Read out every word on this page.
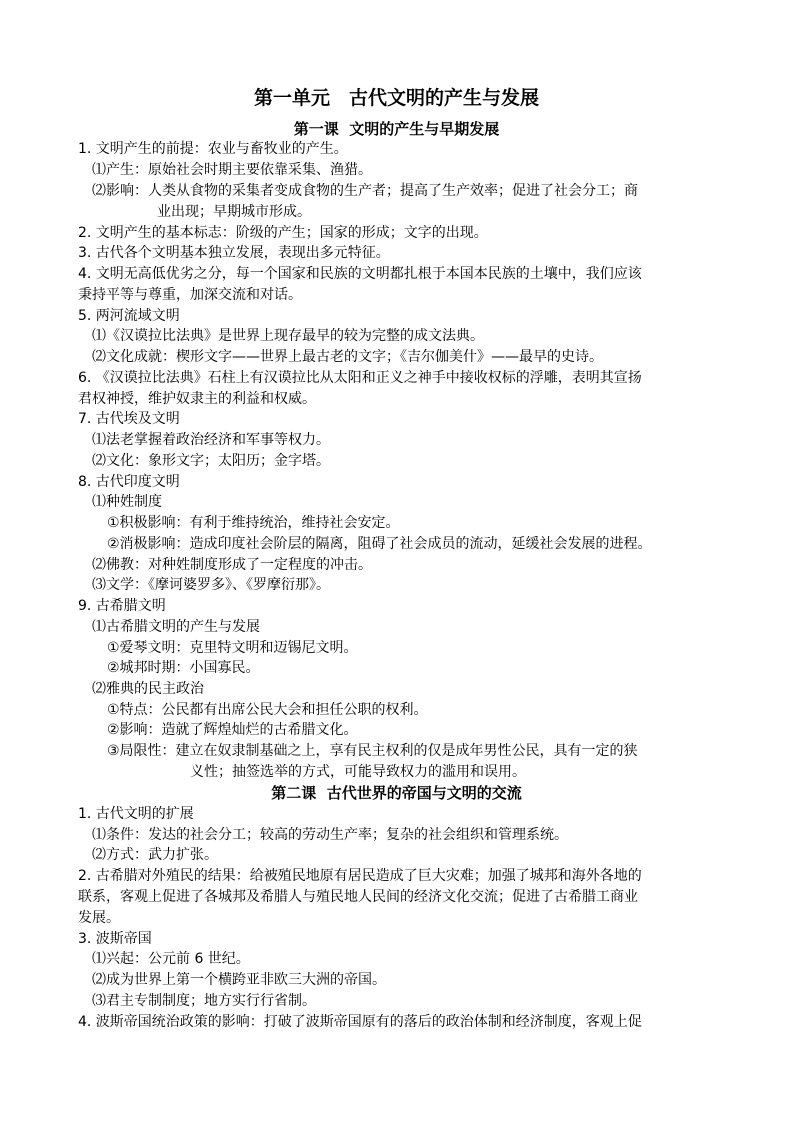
第一单元　古代文明的产生与发展
第一课  文明的产生与早期发展
1. 文明产生的前提：农业与畜牧业的产生。
⑴产生：原始社会时期主要依靠采集、渔猎。
⑵影响：人类从食物的采集者变成食物的生产者；提高了生产效率；促进了社会分工；商
业出现；早期城市形成。
2. 文明产生的基本标志：阶级的产生；国家的形成；文字的出现。
3. 古代各个文明基本独立发展，表现出多元特征。
4. 文明无高低优劣之分，每一个国家和民族的文明都扎根于本国本民族的土壤中，我们应该
秉持平等与尊重，加深交流和对话。
5. 两河流域文明
⑴《汉谟拉比法典》是世界上现存最早的较为完整的成文法典。
⑵文化成就：楔形文字——世界上最古老的文字；《吉尔伽美什》——最早的史诗。
6. 《汉谟拉比法典》石柱上有汉谟拉比从太阳和正义之神手中接收权标的浮雕，表明其宣扬
君权神授，维护奴隶主的利益和权威。
7. 古代埃及文明
⑴法老掌握着政治经济和军事等权力。
⑵文化：象形文字；太阳历；金字塔。
8. 古代印度文明
⑴种姓制度
①积极影响：有利于维持统治，维持社会安定。
②消极影响：造成印度社会阶层的隔离，阻碍了社会成员的流动，延缓社会发展的进程。
⑵佛教：对种姓制度形成了一定程度的冲击。
⑶文学：《摩诃婆罗多》、《罗摩衍那》。
9. 古希腊文明
⑴古希腊文明的产生与发展
①爱琴文明：克里特文明和迈锡尼文明。
②城邦时期：小国寡民。
⑵雅典的民主政治
①特点：公民都有出席公民大会和担任公职的权利。
②影响：造就了辉煌灿烂的古希腊文化。
③局限性：建立在奴隶制基础之上，享有民主权利的仅是成年男性公民，具有一定的狭
义性；抽签选举的方式，可能导致权力的滥用和误用。
第二课  古代世界的帝国与文明的交流
1. 古代文明的扩展
⑴条件：发达的社会分工；较高的劳动生产率；复杂的社会组织和管理系统。
⑵方式：武力扩张。
2. 古希腊对外殖民的结果：给被殖民地原有居民造成了巨大灾难；加强了城邦和海外各地的
联系，客观上促进了各城邦及希腊人与殖民地人民间的经济文化交流；促进了古希腊工商业
发展。
3. 波斯帝国
⑴兴起：公元前 6 世纪。
⑵成为世界上第一个横跨亚非欧三大洲的帝国。
⑶君主专制制度；地方实行行省制。
4. 波斯帝国统治政策的影响：打破了波斯帝国原有的落后的政治体制和经济制度，客观上促
